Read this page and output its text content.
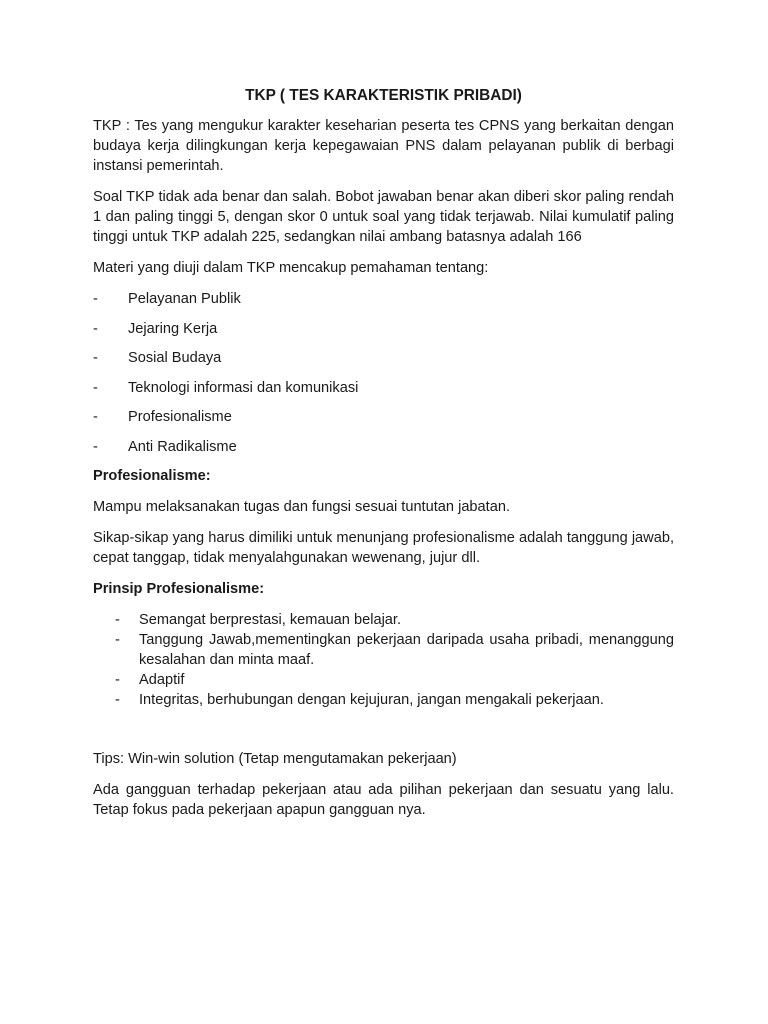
TKP ( TES KARAKTERISTIK PRIBADI)

TKP : Tes yang mengukur karakter keseharian peserta tes CPNS yang berkaitan dengan budaya kerja dilingkungan kerja kepegawaian PNS dalam pelayanan publik di berbagi instansi pemerintah.

Soal TKP tidak ada benar dan salah. Bobot jawaban benar akan diberi skor paling rendah 1 dan paling tinggi 5, dengan skor 0 untuk soal yang tidak terjawab. Nilai kumulatif paling tinggi untuk TKP adalah 225, sedangkan nilai ambang batasnya adalah 166

Materi yang diuji dalam TKP mencakup pemahaman tentang:

- Pelayanan Publik
- Jejaring Kerja
- Sosial Budaya
- Teknologi informasi dan komunikasi
- Profesionalisme
- Anti Radikalisme

Profesionalisme:

Mampu melaksanakan tugas dan fungsi sesuai tuntutan jabatan.

Sikap-sikap yang harus dimiliki untuk menunjang profesionalisme adalah tanggung jawab, cepat tanggap, tidak menyalahgunakan wewenang, jujur dll.

Prinsip Profesionalisme:

- Semangat berprestasi, kemauan belajar.
- Tanggung Jawab,mementingkan pekerjaan daripada usaha pribadi, menanggung kesalahan dan minta maaf.
- Adaptif
- Integritas, berhubungan dengan kejujuran, jangan mengakali pekerjaan.

Tips: Win-win solution (Tetap mengutamakan pekerjaan)

Ada gangguan terhadap pekerjaan atau ada pilihan pekerjaan dan sesuatu yang lalu. Tetap fokus pada pekerjaan apapun gangguan nya.
